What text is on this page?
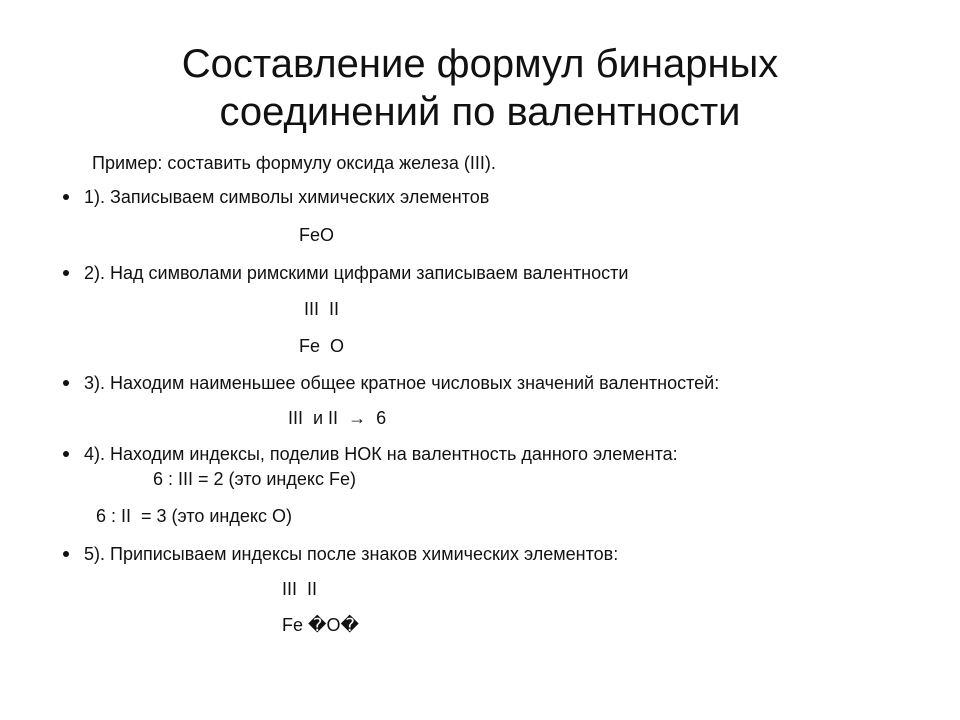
Составление формул бинарных
соединений по валентности

Пример: составить формулу оксида железа (III).

1). Записываем символы химических элементов

FeO

2). Над символами римскими цифрами записываем валентности

III  II

Fe  O

3). Находим наименьшее общее кратное числовых значений валентностей:

III  и II  →  6

4). Находим индексы, поделив НОК на валентность данного элемента:

6 : III = 2 (это индекс Fe)

6 : II  = 3 (это индекс O)

5). Приписываем индексы после знаков химических элементов:

III  II

Fe �O�
